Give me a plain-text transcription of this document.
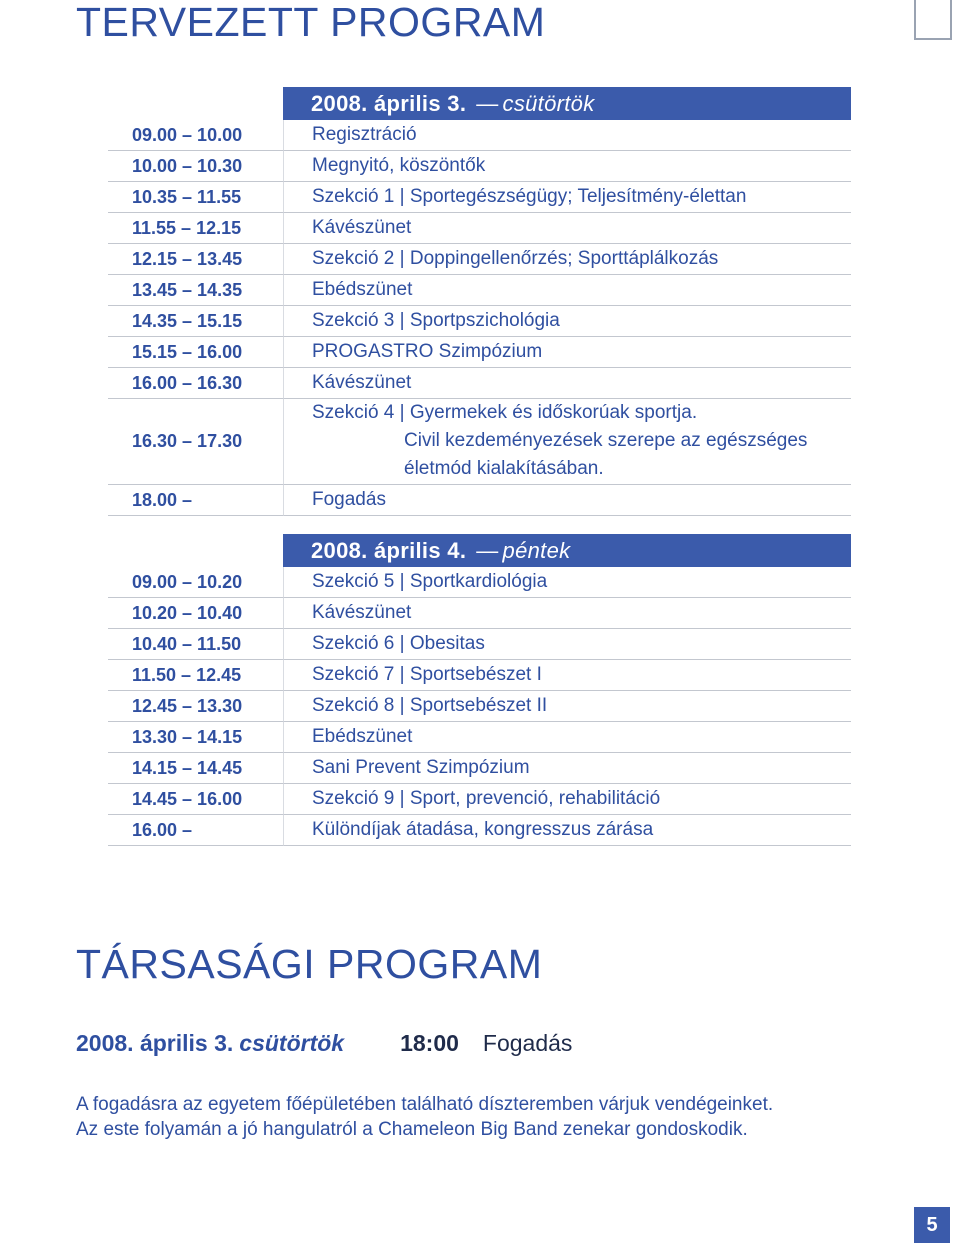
TERVEZETT PROGRAM
2008. április 3. — csütörtök
09.00 – 10.00	Regisztráció
10.00 – 10.30	Megnyitó, köszöntők
10.35 – 11.55	Szekció 1 | Sportegészségügy; Teljesítmény-élettan
11.55 – 12.15	Kávészünet
12.15 – 13.45	Szekció 2 | Doppingellenőrzés; Sporttáplálkozás
13.45 – 14.35	Ebédszünet
14.35 – 15.15	Szekció 3 | Sportpszichológia
15.15 – 16.00	PROGASTRO Szimpózium
16.00 – 16.30	Kávészünet
16.30 – 17.30
Szekció 4 | Gyermekek és időskorúak sportja.
Civil kezdeményezések szerepe az egészséges
életmód kialakításában.
18.00 –	Fogadás
2008. április 4. — péntek
09.00 – 10.20	Szekció 5 | Sportkardiológia
10.20 – 10.40	Kávészünet
10.40 – 11.50	Szekció 6 | Obesitas
11.50 – 12.45	Szekció 7 | Sportsebészet I
12.45 – 13.30	Szekció 8 | Sportsebészet II
13.30 – 14.15	Ebédszünet
14.15 – 14.45	Sani Prevent Szimpózium
14.45 – 16.00	Szekció 9 | Sport, prevenció, rehabilitáció
16.00 –	Különdíjak átadása, kongresszus zárása
TÁRSASÁGI PROGRAM
2008. április 3. csütörtök 18:00 Fogadás

A fogadásra az egyetem főépületében található díszteremben várjuk vendégeinket.
Az este folyamán a jó hangulatról a Chameleon Big Band zenekar gondoskodik.

5
